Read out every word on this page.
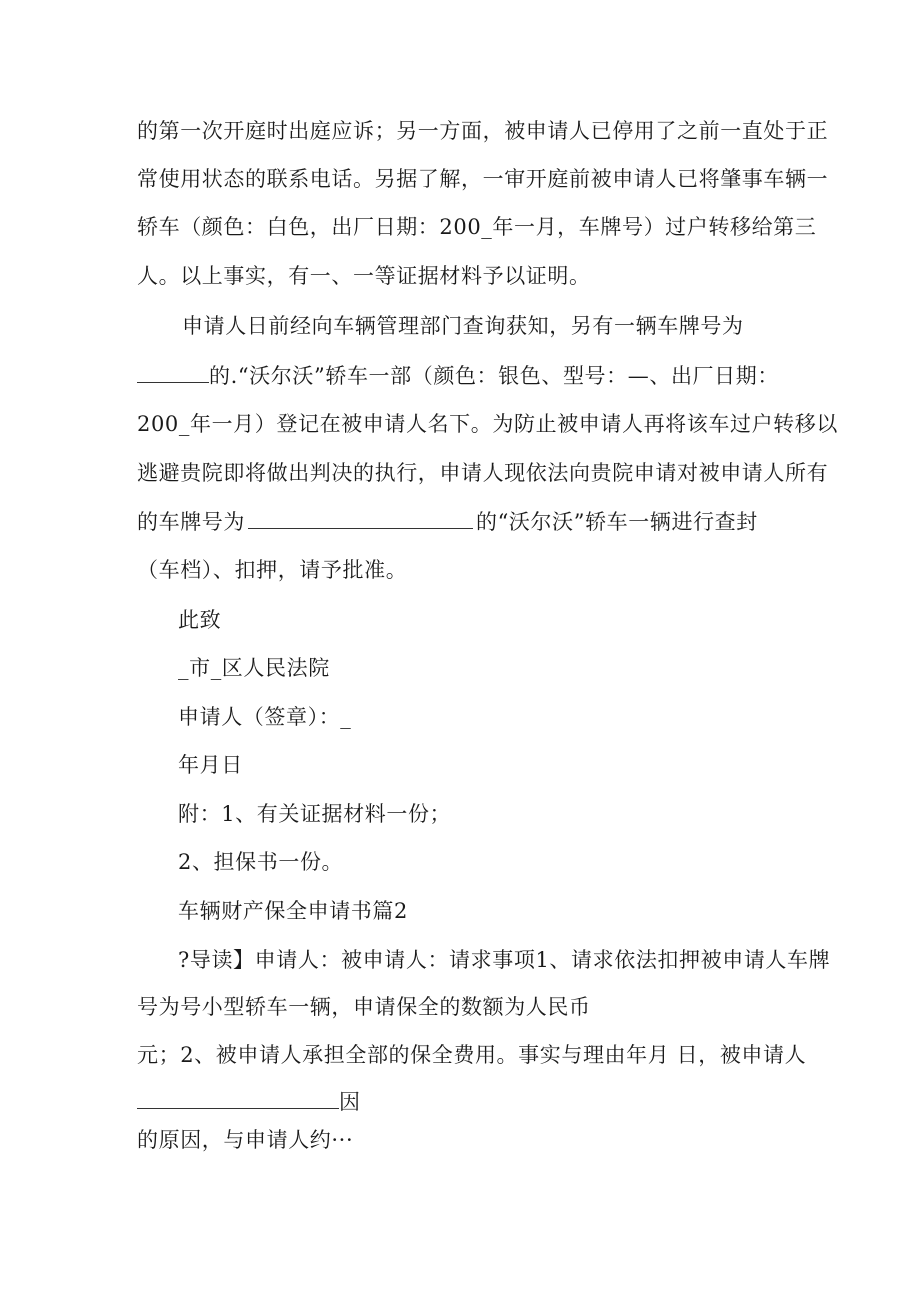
的第一次开庭时出庭应诉；另一方面，被申请人已停用了之前一直处于正
常使用状态的联系电话。另据了解，一审开庭前被申请人已将肇事车辆一
轿车（颜色：白色，出厂日期：200_年一月，车牌号）过户转移给第三
人。以上事实，有一、一等证据材料予以证明。
申请人日前经向车辆管理部门查询获知，另有一辆车牌号为
的.“沃尔沃”轿车一部（颜色：银色、型号：—、出厂日期：
200_年一月）登记在被申请人名下。为防止被申请人再将该车过户转移以
逃避贵院即将做出判决的执行，申请人现依法向贵院申请对被申请人所有
的车牌号为	的“沃尔沃”轿车一辆进行查封
（车档）、扣押，请予批准。
此致
_市_区人民法院
申请人（签章）：_
年月日
附：1、有关证据材料一份；
2、担保书一份。
车辆财产保全申请书篇2
?导读】申请人：被申请人：请求事项1、请求依法扣押被申请人车牌
号为号小型轿车一辆，申请保全的数额为人民币
元；2、被申请人承担全部的保全费用。事实与理由年月 日，被申请人
因
的原因，与申请人约···
